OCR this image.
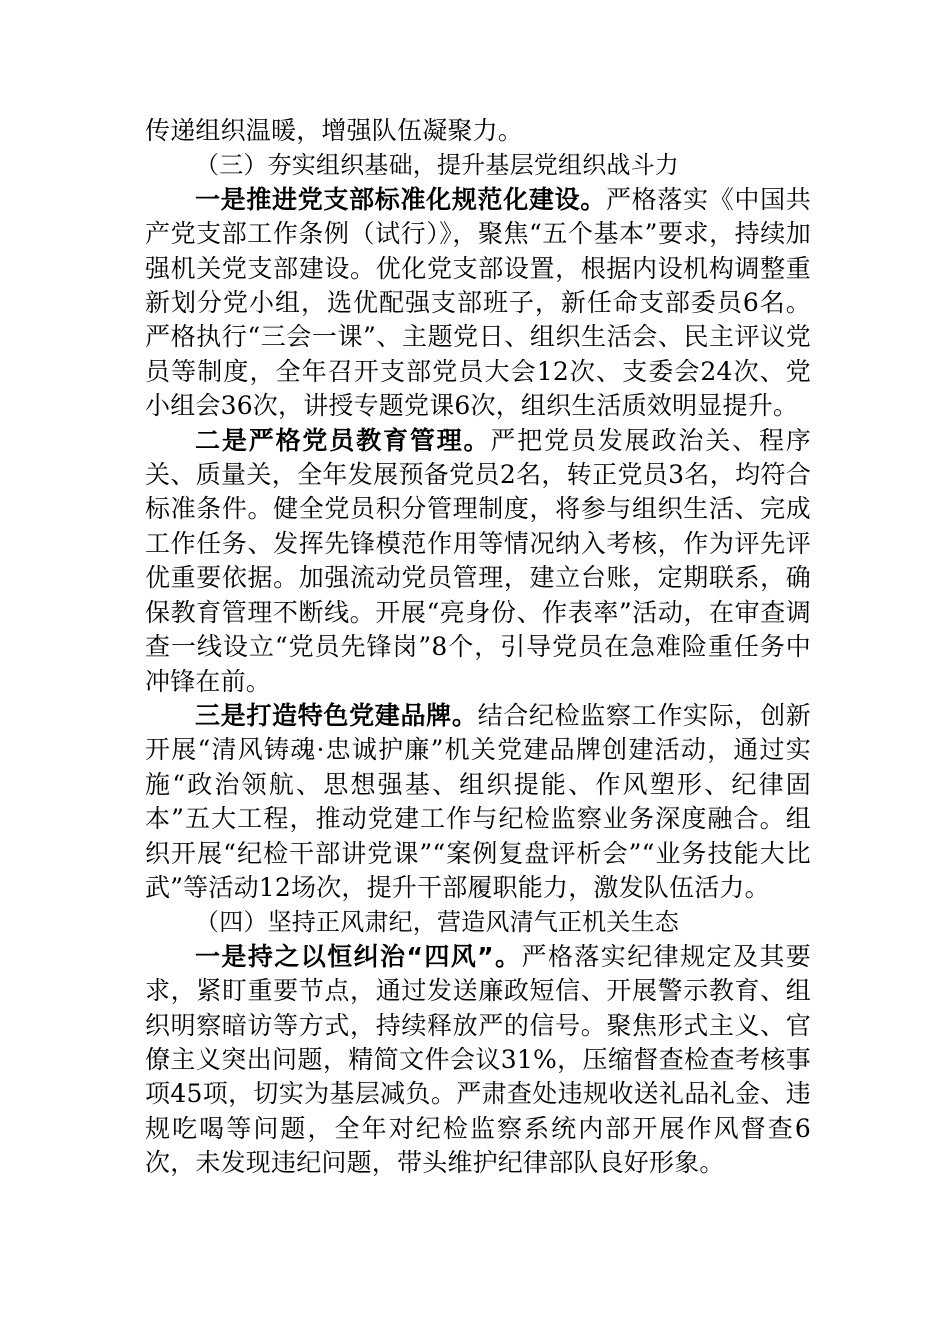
传递组织温暖，增强队伍凝聚力。

（三）夯实组织基础，提升基层党组织战斗力

一是推进党支部标准化规范化建设。严格落实《中国共产党支部工作条例（试行）》，聚焦“五个基本”要求，持续加强机关党支部建设。优化党支部设置，根据内设机构调整重新划分党小组，选优配强支部班子，新任命支部委员6名。严格执行“三会一课”、主题党日、组织生活会、民主评议党员等制度，全年召开支部党员大会12次、支委会24次、党小组会36次，讲授专题党课6次，组织生活质效明显提升。

二是严格党员教育管理。严把党员发展政治关、程序关、质量关，全年发展预备党员2名，转正党员3名，均符合标准条件。健全党员积分管理制度，将参与组织生活、完成工作任务、发挥先锋模范作用等情况纳入考核，作为评先评优重要依据。加强流动党员管理，建立台账，定期联系，确保教育管理不断线。开展“亮身份、作表率”活动，在审查调查一线设立“党员先锋岗”8个，引导党员在急难险重任务中冲锋在前。

三是打造特色党建品牌。结合纪检监察工作实际，创新开展“清风铸魂·忠诚护廉”机关党建品牌创建活动，通过实施“政治领航、思想强基、组织提能、作风塑形、纪律固本”五大工程，推动党建工作与纪检监察业务深度融合。组织开展“纪检干部讲党课”“案例复盘评析会”“业务技能大比武”等活动12场次，提升干部履职能力，激发队伍活力。

（四）坚持正风肃纪，营造风清气正机关生态

一是持之以恒纠治“四风”。严格落实纪律规定及其要求，紧盯重要节点，通过发送廉政短信、开展警示教育、组织明察暗访等方式，持续释放严的信号。聚焦形式主义、官僚主义突出问题，精简文件会议31%，压缩督查检查考核事项45项，切实为基层减负。严肃查处违规收送礼品礼金、违规吃喝等问题，全年对纪检监察系统内部开展作风督查6次，未发现违纪问题，带头维护纪律部队良好形象。
